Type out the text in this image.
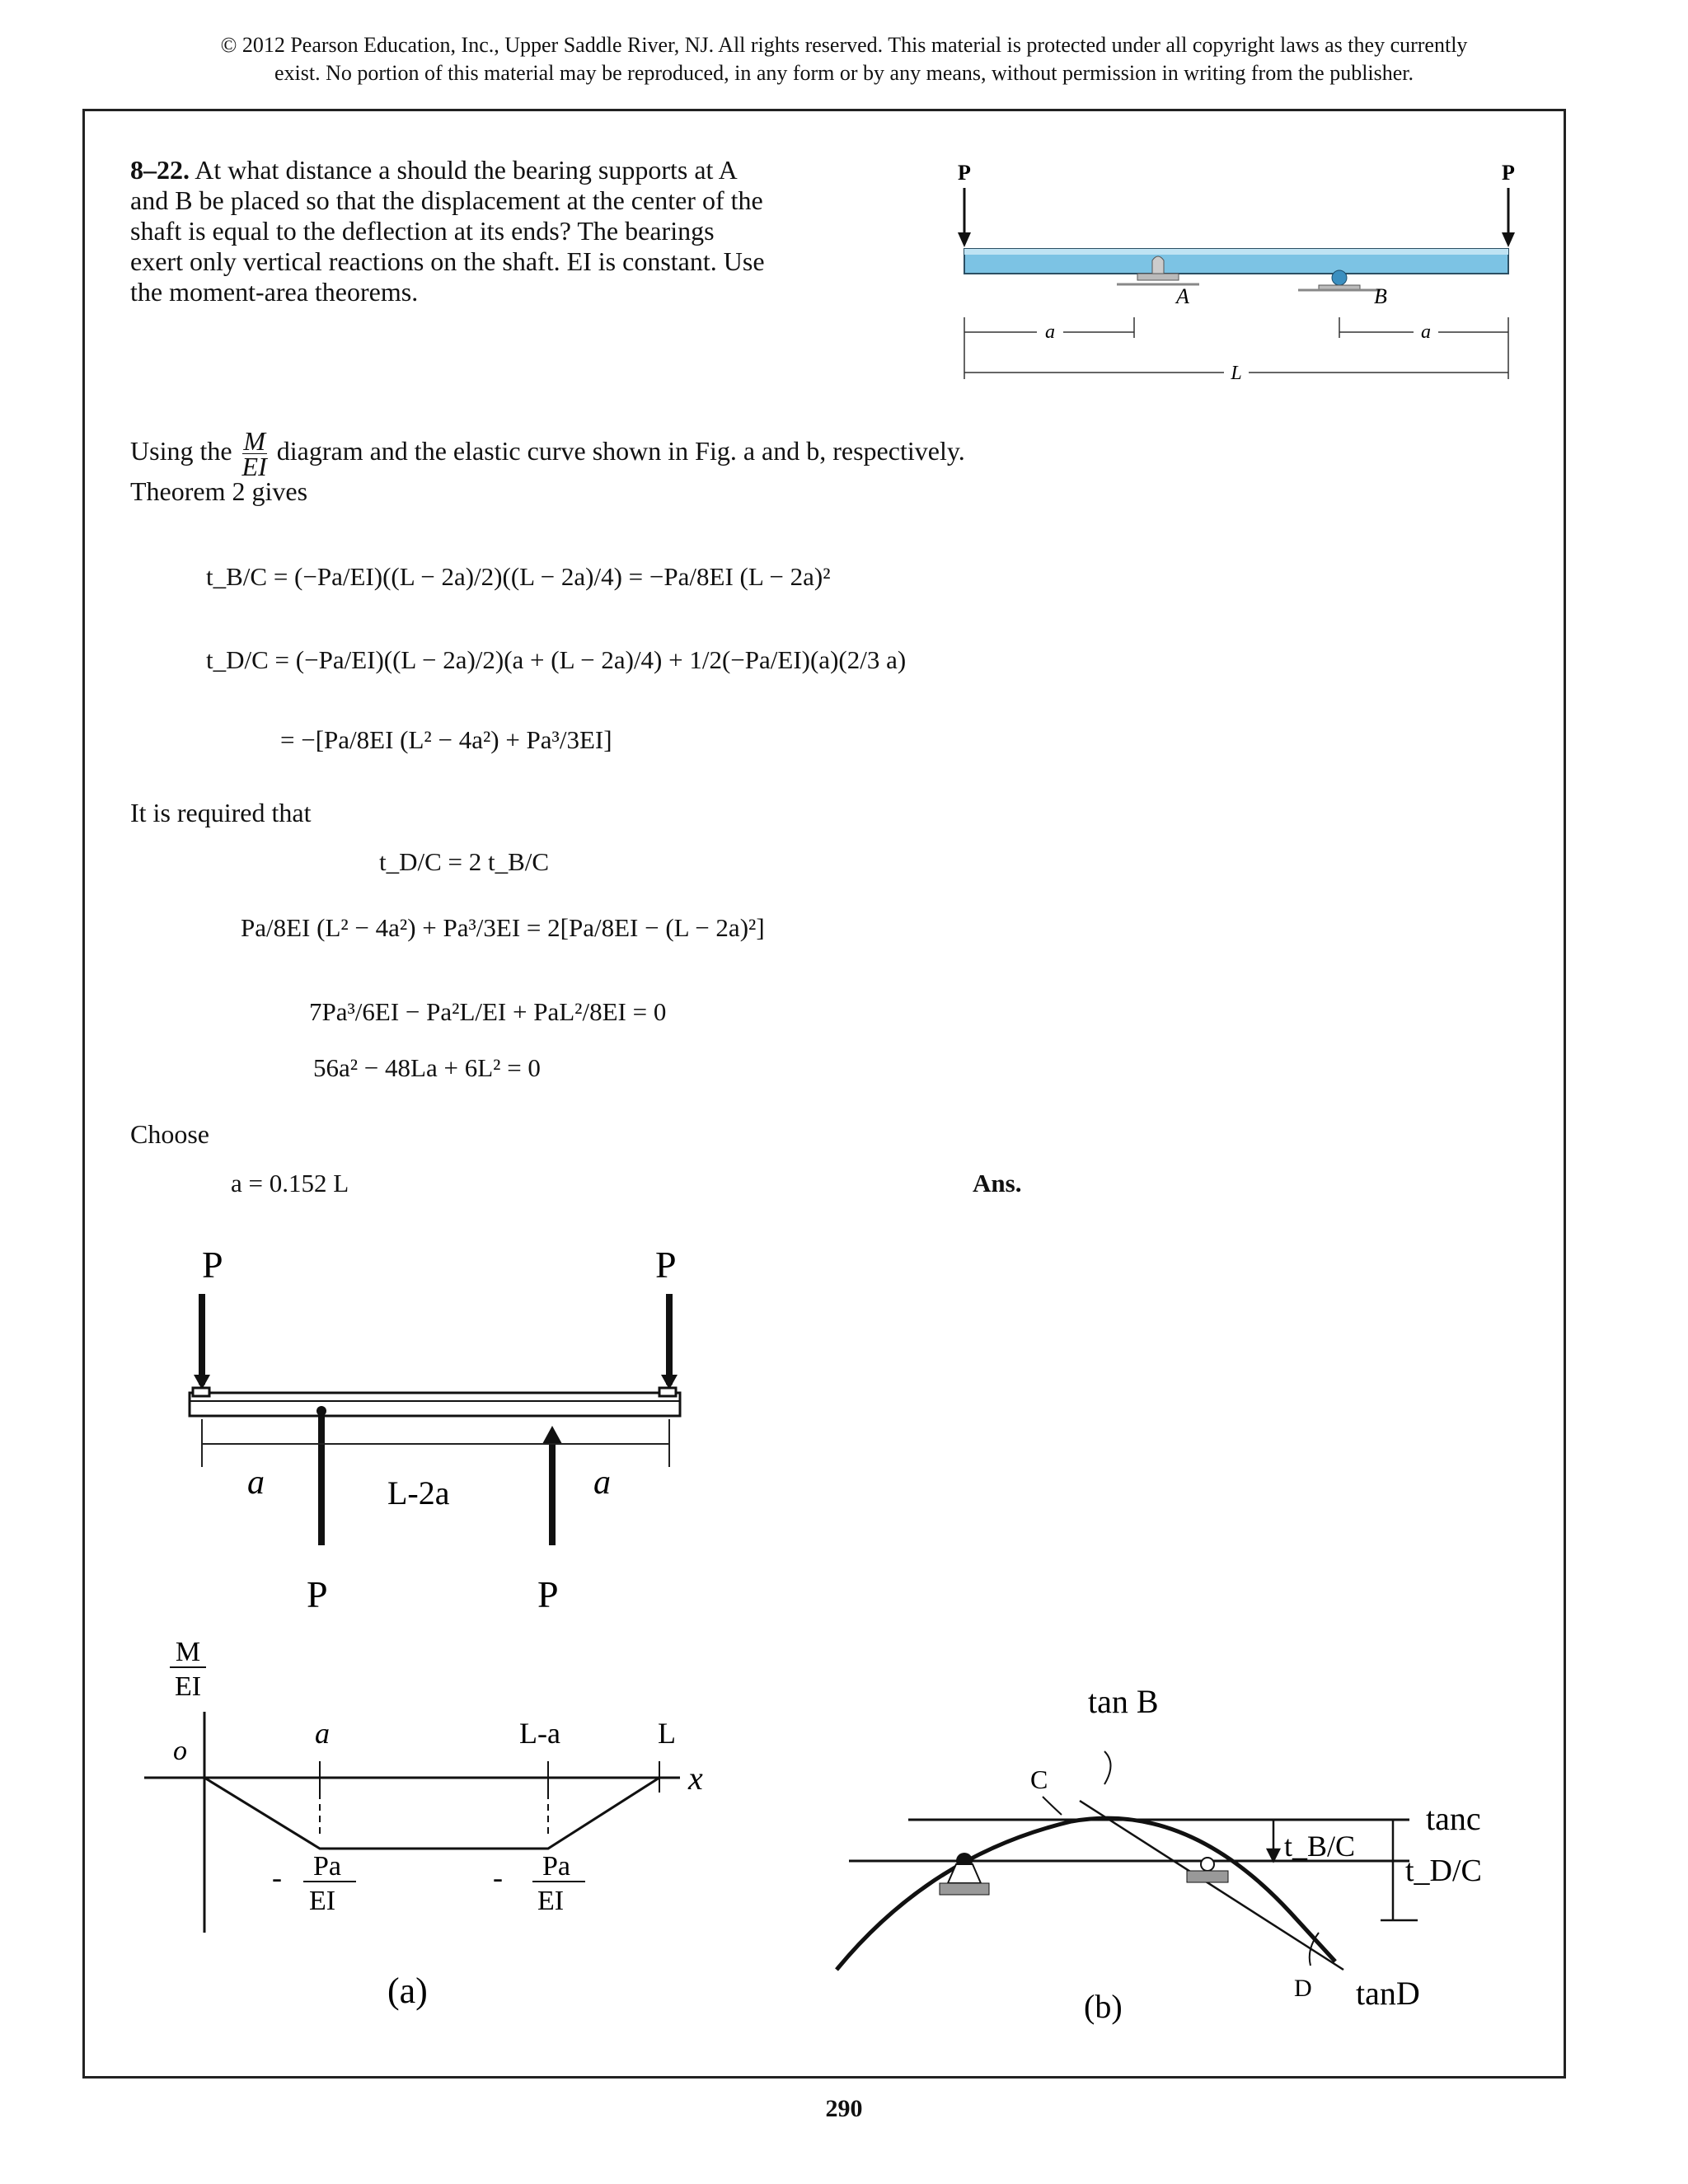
© 2012 Pearson Education, Inc., Upper Saddle River, NJ. All rights reserved. This material is protected under all copyright laws as they currently
exist. No portion of this material may be reproduced, in any form or by any means, without permission in writing from the publisher.
8–22. At what distance a should the bearing supports at A and B be placed so that the displacement at the center of the shaft is equal to the deflection at its ends? The bearings exert only vertical reactions on the shaft. EI is constant. Use the moment-area theorems.
P	P
A	B
a	a
L
Using the $\frac{M}{EI}$ diagram and the elastic curve shown in Fig. a and b, respectively.
Theorem 2 gives
t_B/C = (−Pa/EI)((L − 2a)/2)((L − 2a)/4) = −Pa/8EI (L − 2a)²
t_D/C = (−Pa/EI)((L − 2a)/2)(a + (L − 2a)/4) + 1/2(−Pa/EI)(a)(2/3 a)
= −[Pa/8EI (L² − 4a²) + Pa³/3EI]
It is required that
t_D/C = 2 t_B/C
Pa/8EI (L² − 4a²) + Pa³/3EI = 2[Pa/8EI − (L − 2a)²]
7Pa³/6EI − Pa²L/EI + PaL²/8EI = 0
56a² − 48La + 6L² = 0
Choose
a = 0.152 L	Ans.
P	P
a	L-2a	a
P	P
M
EI
o
x
a	L-a	L
- Pa
EI
- Pa
EI
(a)
tan B
C
t_B/C
tanc
t_D/C
D tanD
(b)
290
